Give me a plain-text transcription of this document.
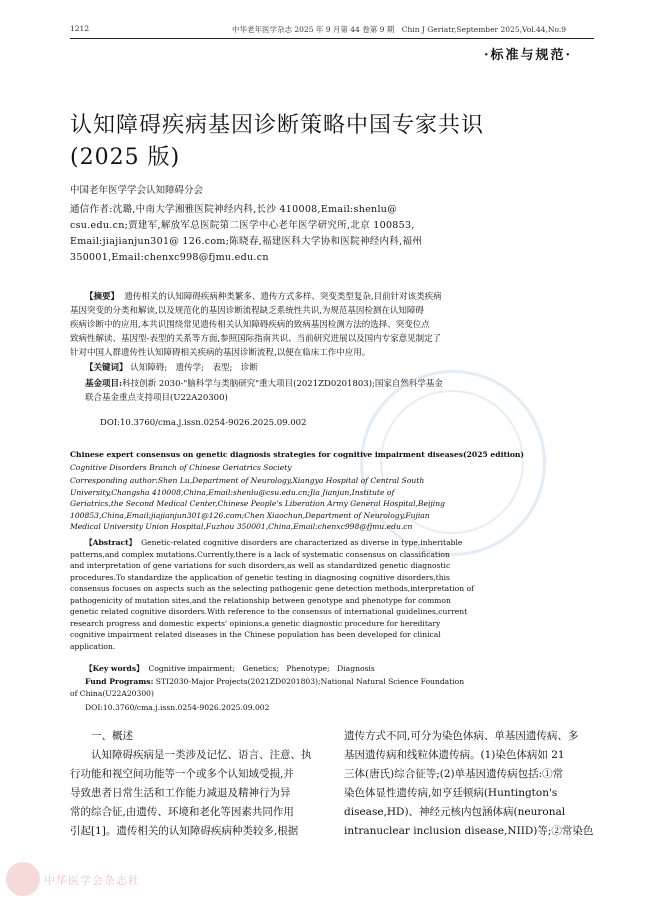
1212	中华老年医学杂志 2025 年 9 月第 44 卷第 9 期　Chin J Geriatr,September 2025,Vol.44,No.9
·标准与规范·
认知障碍疾病基因诊断策略中国专家共识
(2025 版)
中国老年医学学会认知障碍分会
通信作者:沈璐,中南大学湘雅医院神经内科,长沙 410008,Email:shenlu@
csu.edu.cn;贾建军,解放军总医院第二医学中心老年医学研究所,北京 100853,
Email:jiajianjun301@ 126.com;陈晓春,福建医科大学协和医院神经内科,福州
350001,Email:chenxc998@fjmu.edu.cn
【摘要】 遗传相关的认知障碍疾病种类繁多、遗传方式多样、突变类型复杂,目前针对该类疾病
基因突变的分类和解读,以及规范化的基因诊断流程缺乏系统性共识,为规范基因检测在认知障碍
疾病诊断中的应用,本共识围绕常见遗传相关认知障碍疾病的致病基因检测方法的选择、突变位点
致病性解读、基因型-表型的关系等方面,参照国际指南共识、当前研究进展以及国内专家意见制定了
针对中国人群遗传性认知障碍相关疾病的基因诊断流程,以便在临床工作中应用。
【关键词】 认知障碍;　遗传学;　表型;　诊断
基金项目:科技创新 2030-"脑科学与类脑研究"重大项目(2021ZD0201803);国家自然科学基金
联合基金重点支持项目(U22A20300)
DOI:10.3760/cma.j.issn.0254-9026.2025.09.002
Chinese expert consensus on genetic diagnosis strategies for cognitive impairment diseases(2025 edition)
Cognitive Disorders Branch of Chinese Geriatrics Society
Corresponding author:Shen Lu,Department of Neurology,Xiangya Hospital of Central South
University,Changsha 410008,China,Email:shenlu@csu.edu.cn;Jia Jianjun,Institute of
Geriatrics,the Second Medical Center,Chinese People's Liberation Army General Hospital,Beijing
100853,China,Email:jiajianjun301@126.com;Chen Xiaochun,Department of Neurology,Fujian
Medical University Union Hospital,Fuzhou 350001,China,Email:chenxc998@fjmu.edu.cn
【Abstract】 Genetic-related cognitive disorders are characterized as diverse in type,inheritable
patterns,and complex mutations.Currently,there is a lack of systematic consensus on classification
and interpretation of gene variations for such disorders,as well as standardized genetic diagnostic
procedures.To standardize the application of genetic testing in diagnosing cognitive disorders,this
consensus focuses on aspects such as the selecting pathogenic gene detection methods,interpretation of
pathogenicity of mutation sites,and the relationship between genotype and phenotype for common
genetic related cognitive disorders.With reference to the consensus of international guidelines,current
research progress and domestic experts' opinions,a genetic diagnostic procedure for hereditary
cognitive impairment related diseases in the Chinese population has been developed for clinical
application.
【Key words】 Cognitive impairment;　Genetics;　Phenotype;　Diagnosis
Fund Programs: STI2030-Major Projects(2021ZD0201803);National Natural Science Foundation
of China(U22A20300)
DOI:10.3760/cma.j.issn.0254-9026.2025.09.002
一、概述
认知障碍疾病是一类涉及记忆、语言、注意、执
行功能和视空间功能等一个或多个认知域受损,并
导致患者日常生活和工作能力减退及精神行为异
常的综合征,由遗传、环境和老化等因素共同作用
引起[1]。遗传相关的认知障碍疾病种类较多,根据
遗传方式不同,可分为染色体病、单基因遗传病、多
基因遗传病和线粒体遗传病。(1)染色体病如 21
三体(唐氏)综合征等;(2)单基因遗传病包括:①常
染色体显性遗传病,如亨廷顿病(Huntington's
disease,HD)、神经元核内包涵体病(neuronal
intranuclear inclusion disease,NIID)等;②常染色
中华医学会杂志社
